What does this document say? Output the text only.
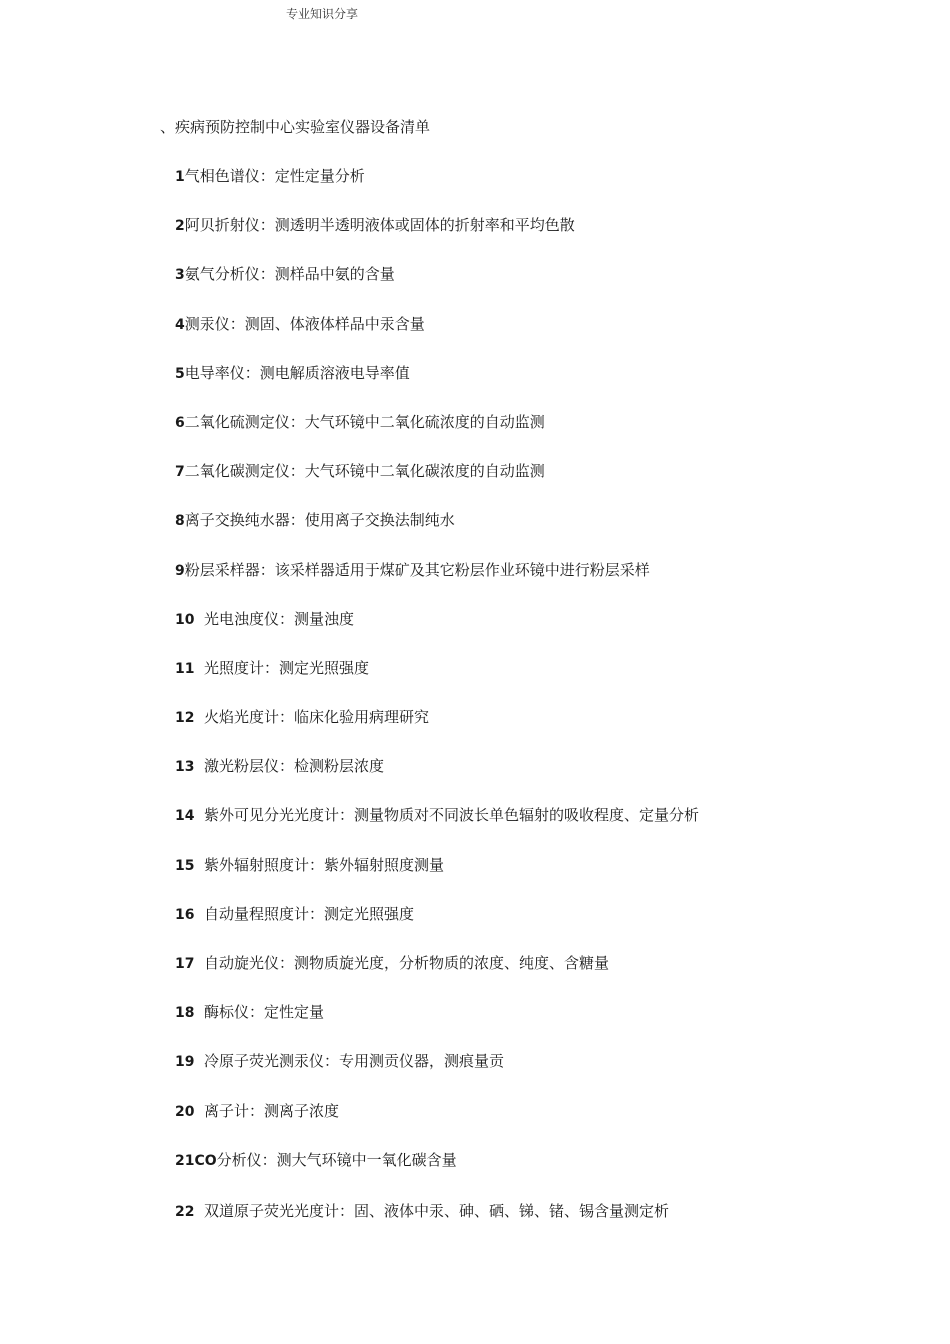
专业知识分享
、疾病预防控制中心实验室仪器设备清单
1气相色谱仪：定性定量分析
2阿贝折射仪：测透明半透明液体或固体的折射率和平均色散
3氨气分析仪：测样品中氨的含量
4测汞仪：测固、体液体样品中汞含量
5电导率仪：测电解质溶液电导率值
6二氧化硫测定仪：大气环镜中二氧化硫浓度的自动监测
7二氧化碳测定仪：大气环镜中二氧化碳浓度的自动监测
8离子交换纯水器：使用离子交换法制纯水
9粉层采样器：该采样器适用于煤矿及其它粉层作业环镜中进行粉层采样
10 光电浊度仪：测量浊度
11 光照度计：测定光照强度
12 火焰光度计：临床化验用病理研究
13 激光粉层仪：检测粉层浓度
14 紫外可见分光光度计：测量物质对不同波长单色辐射的吸收程度、定量分析
15 紫外辐射照度计：紫外辐射照度测量
16 自动量程照度计：测定光照强度
17 自动旋光仪：测物质旋光度，分析物质的浓度、纯度、含糖量
18 酶标仪：定性定量
19 冷原子荧光测汞仪：专用测贡仪器，测痕量贡
20 离子计：测离子浓度
21CO分析仪：测大气环镜中一氧化碳含量
22 双道原子荧光光度计：固、液体中汞、砷、硒、锑、锗、锡含量测定析
